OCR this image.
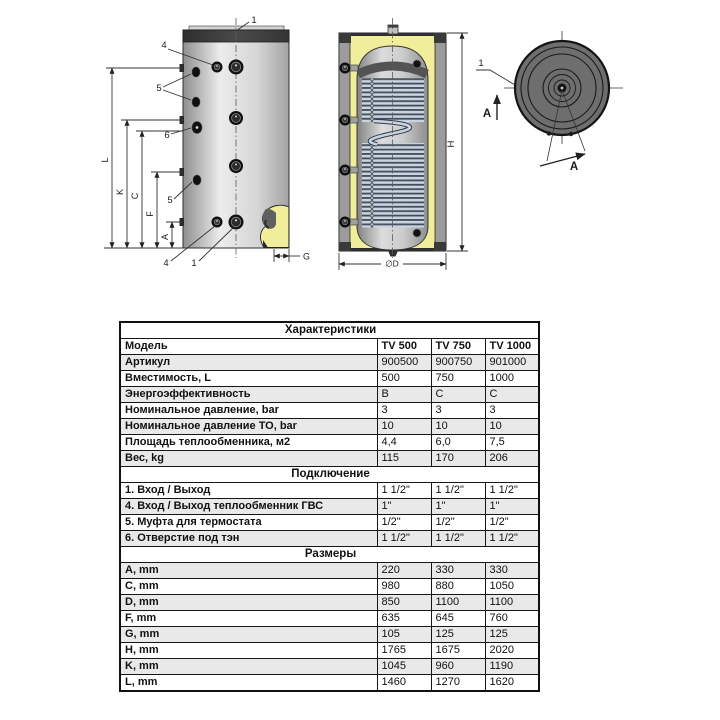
L
K
C
F
A
G
1
4
5
6
5
4 1
H
∅D
1
A
A
Характеристики			
Модель	TV 500	TV 750	TV 1000
Артикул	900500	900750	901000
Вместимость, L	500	750	1000
Энергоэффективность	B	C	C
Номинальное давление, bar	3	3	3
Номинальное давление ТО, bar	10	10	10
Площадь теплообменника, м2	4,4	6,0	7,5
Вес, kg	115	170	206
Подключение			
1. Вход / Выход	1 1/2"	1 1/2"	1 1/2"
4. Вход / Выход теплообменник ГВС	1"	1"	1"
5. Муфта для термостата	1/2"	1/2"	1/2"
6. Отверстие под тэн	1 1/2"	1 1/2"	1 1/2"
Размеры			
A, mm	220	330	330
C, mm	980	880	1050
D, mm	850	1100	1100
F, mm	635	645	760
G, mm	105	125	125
H, mm	1765	1675	2020
K, mm	1045	960	1190
L, mm	1460	1270	1620
